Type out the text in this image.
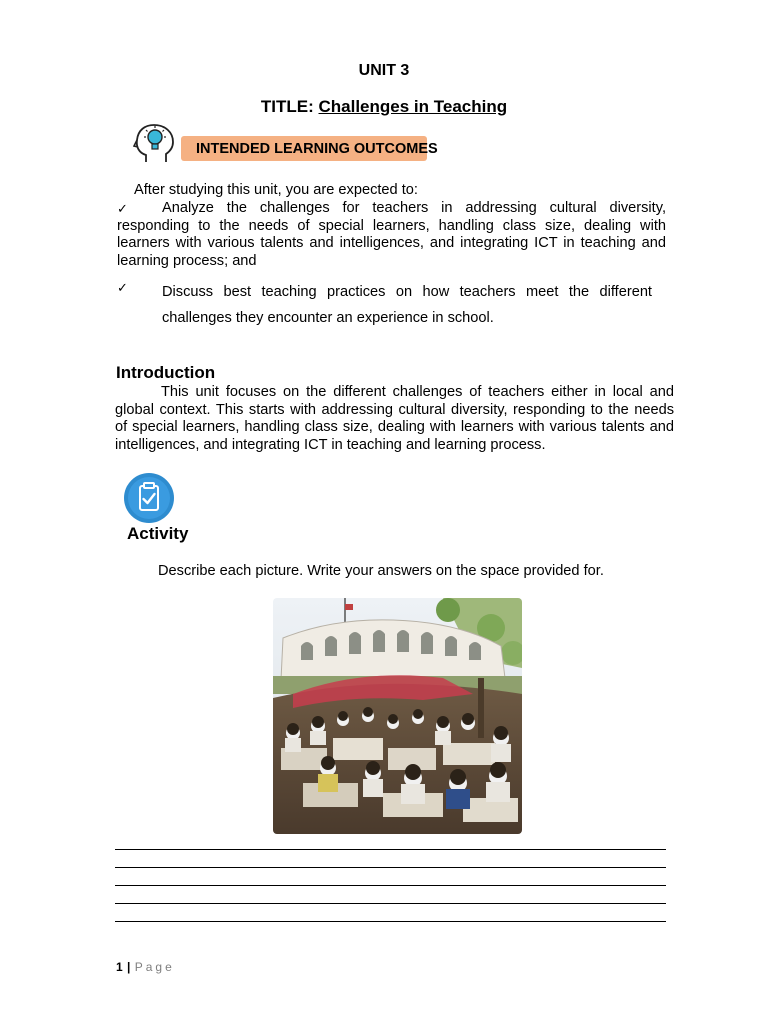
UNIT 3
TITLE: Challenges in Teaching
INTENDED LEARNING OUTCOMES
After studying this unit, you are expected to:
✓	Analyze the challenges for teachers in addressing cultural diversity, responding to the needs of special learners, handling class size, dealing with learners with various talents and intelligences, and integrating ICT in teaching and learning process; and
✓ Discuss best teaching practices on how teachers meet the different challenges they encounter an experience in school.
Introduction
This unit focuses on the different challenges of teachers either in local and global context. This starts with addressing cultural diversity, responding to the needs of special learners, handling class size, dealing with learners with various talents and intelligences, and integrating ICT in teaching and learning process.
Activity
Describe each picture. Write your answers on the space provided for.
1 | Page
